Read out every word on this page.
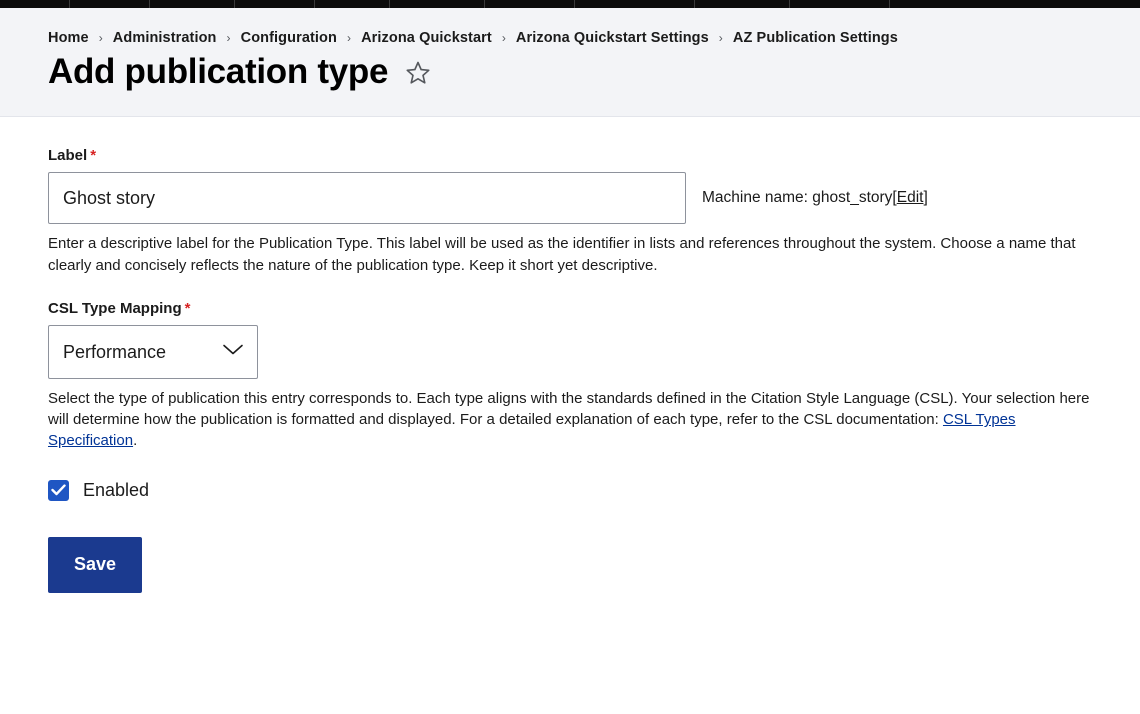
Home › Administration › Configuration › Arizona Quickstart › Arizona Quickstart Settings › AZ Publication Settings
Add publication type
Label *
Ghost story
Machine name: ghost_story[Edit]

Enter a descriptive label for the Publication Type. This label will be used as the identifier in lists and references throughout the system. Choose a name that clearly and concisely reflects the nature of the publication type. Keep it short yet descriptive.

CSL Type Mapping *
Performance

Select the type of publication this entry corresponds to. Each type aligns with the standards defined in the Citation Style Language (CSL). Your selection here will determine how the publication is formatted and displayed. For a detailed explanation of each type, refer to the CSL documentation: CSL Types Specification.

Enabled
Save
